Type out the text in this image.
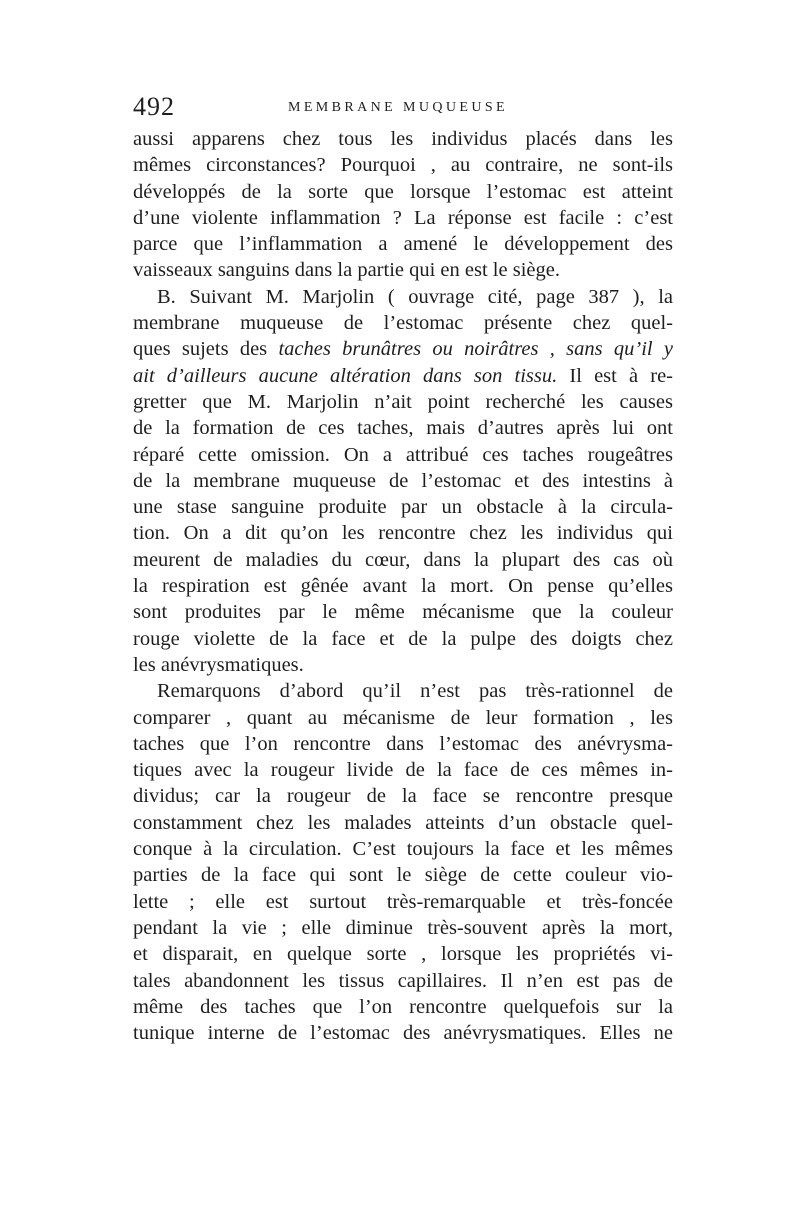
492	MEMBRANE MUQUEUSE
aussi apparens chez tous les individus placés dans les
mêmes circonstances? Pourquoi , au contraire, ne sont-ils
développés de la sorte que lorsque l’estomac est atteint
d’une violente inflammation ? La réponse est facile : c’est
parce que l’inflammation a amené le développement des
vaisseaux sanguins dans la partie qui en est le siège.
B. Suivant M. Marjolin ( ouvrage cité, page 387 ), la
membrane muqueuse de l’estomac présente chez quel-
ques sujets des taches brunâtres ou noirâtres , sans qu’il y
ait d’ailleurs aucune altération dans son tissu. Il est à re-
gretter que M. Marjolin n’ait point recherché les causes
de la formation de ces taches, mais d’autres après lui ont
réparé cette omission. On a attribué ces taches rougeâtres
de la membrane muqueuse de l’estomac et des intestins à
une stase sanguine produite par un obstacle à la circula-
tion. On a dit qu’on les rencontre chez les individus qui
meurent de maladies du cœur, dans la plupart des cas où
la respiration est gênée avant la mort. On pense qu’elles
sont produites par le même mécanisme que la couleur
rouge violette de la face et de la pulpe des doigts chez
les anévrysmatiques.
Remarquons d’abord qu’il n’est pas très-rationnel de
comparer , quant au mécanisme de leur formation , les
taches que l’on rencontre dans l’estomac des anévrysma-
tiques avec la rougeur livide de la face de ces mêmes in-
dividus; car la rougeur de la face se rencontre presque
constamment chez les malades atteints d’un obstacle quel-
conque à la circulation. C’est toujours la face et les mêmes
parties de la face qui sont le siège de cette couleur vio-
lette ; elle est surtout très-remarquable et très-foncée
pendant la vie ; elle diminue très-souvent après la mort,
et disparait, en quelque sorte , lorsque les propriétés vi-
tales abandonnent les tissus capillaires. Il n’en est pas de
même des taches que l’on rencontre quelquefois sur la
tunique interne de l’estomac des anévrysmatiques. Elles ne
